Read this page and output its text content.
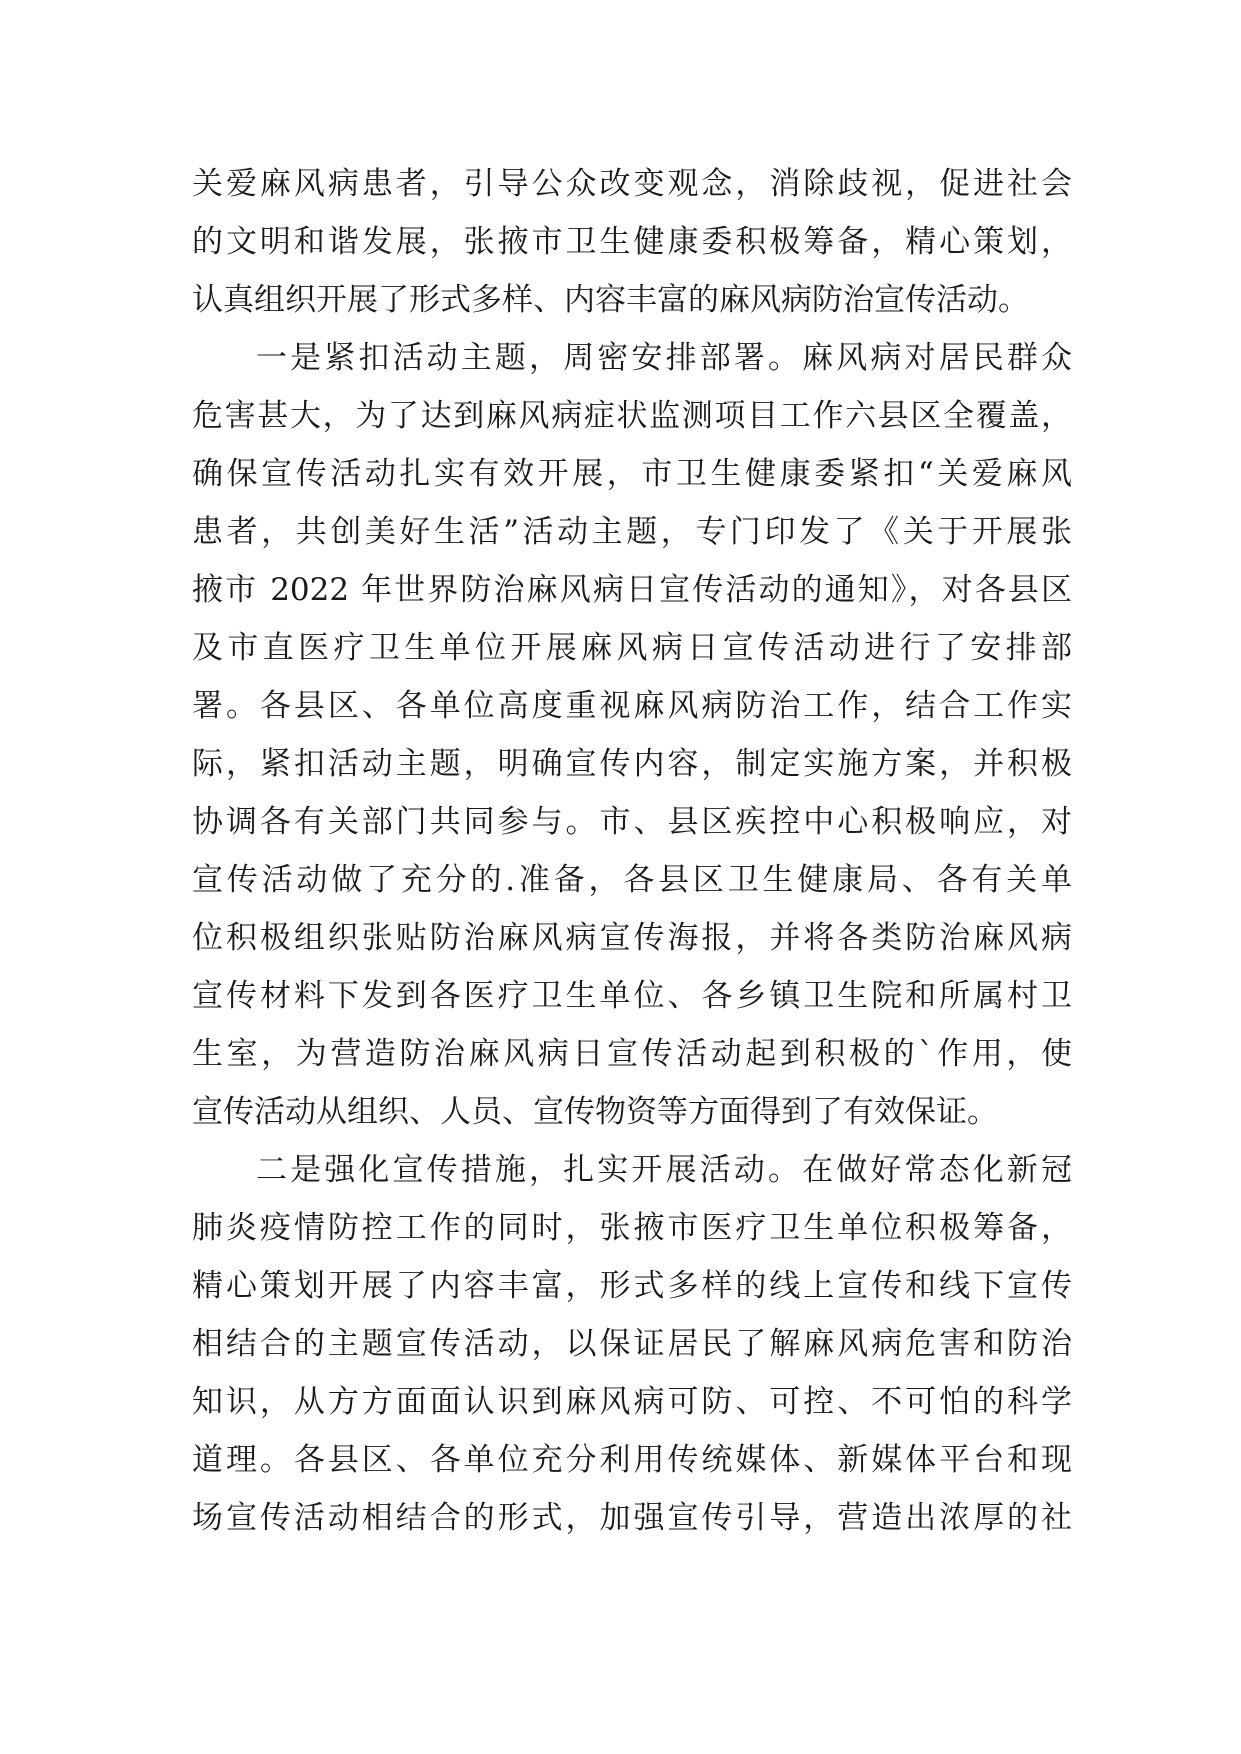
关爱麻风病患者，引导公众改变观念，消除歧视，促进社会
的文明和谐发展，张掖市卫生健康委积极筹备，精心策划，
认真组织开展了形式多样、内容丰富的麻风病防治宣传活动。
一是紧扣活动主题，周密安排部署。麻风病对居民群众
危害甚大，为了达到麻风病症状监测项目工作六县区全覆盖，
确保宣传活动扎实有效开展，市卫生健康委紧扣“关爱麻风
患者，共创美好生活”活动主题，专门印发了《关于开展张
掖市 2022 年世界防治麻风病日宣传活动的通知》，对各县区
及市直医疗卫生单位开展麻风病日宣传活动进行了安排部
署。各县区、各单位高度重视麻风病防治工作，结合工作实
际，紧扣活动主题，明确宣传内容，制定实施方案，并积极
协调各有关部门共同参与。市、县区疾控中心积极响应，对
宣传活动做了充分的.准备，各县区卫生健康局、各有关单
位积极组织张贴防治麻风病宣传海报，并将各类防治麻风病
宣传材料下发到各医疗卫生单位、各乡镇卫生院和所属村卫
生室，为营造防治麻风病日宣传活动起到积极的`作用，使
宣传活动从组织、人员、宣传物资等方面得到了有效保证。
二是强化宣传措施，扎实开展活动。在做好常态化新冠
肺炎疫情防控工作的同时，张掖市医疗卫生单位积极筹备，
精心策划开展了内容丰富，形式多样的线上宣传和线下宣传
相结合的主题宣传活动，以保证居民了解麻风病危害和防治
知识，从方方面面认识到麻风病可防、可控、不可怕的科学
道理。各县区、各单位充分利用传统媒体、新媒体平台和现
场宣传活动相结合的形式，加强宣传引导，营造出浓厚的社
